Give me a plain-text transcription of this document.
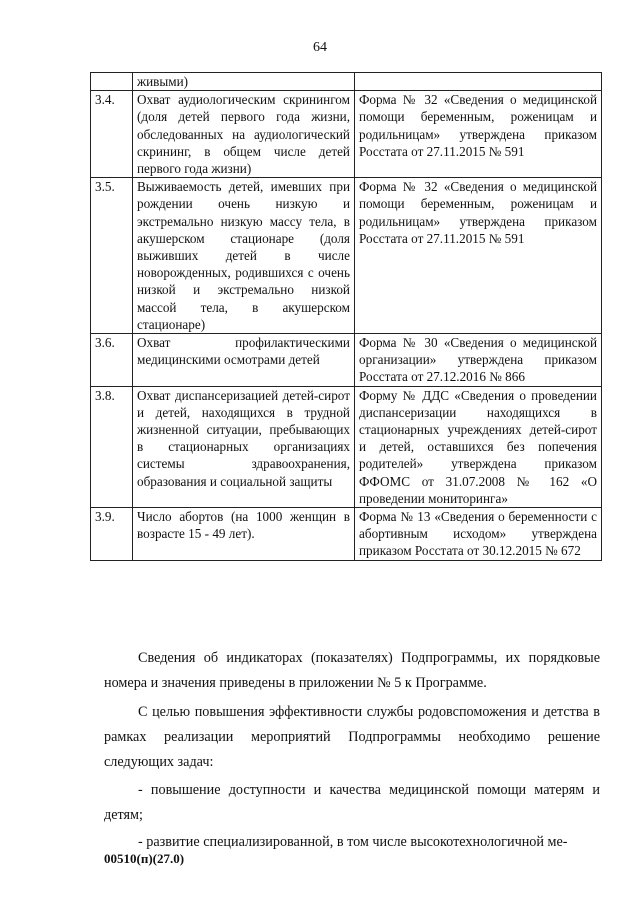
64
	живыми)	
3.4.	Охват аудиологическим скринингом (доля детей первого года жизни, обследованных на аудиологический скрининг, в общем числе детей первого года жизни)	Форма № 32 «Сведения о медицинской помощи беременным, роженицам и родильницам» утверждена приказом Росстата от 27.11.2015 № 591
3.5.	Выживаемость детей, имевших при рождении очень низкую и экстремально низкую массу тела, в акушерском стационаре (доля выживших детей в числе новорожденных, родившихся с очень низкой и экстремально низкой массой тела, в акушерском стационаре)	Форма № 32 «Сведения о медицинской помощи беременным, роженицам и родильницам» утверждена приказом Росстата от 27.11.2015 № 591
3.6.	Охват профилактическими медицинскими осмотрами детей	Форма № 30 «Сведения о медицинской организации» утверждена приказом Росстата от 27.12.2016 № 866
3.8.	Охват диспансеризацией детей-сирот и детей, находящихся в трудной жизненной ситуации, пребывающих в стационарных организациях системы здравоохранения, образования и социальной защиты	Форму № ДДС «Сведения о проведении диспансеризации находящихся в стационарных учреждениях детей-сирот и детей, оставшихся без попечения родителей» утверждена приказом ФФОМС от 31.07.2008 № 162 «О проведении мониторинга»
3.9.	Число абортов (на 1000 женщин в возрасте 15 - 49 лет).	Форма № 13 «Сведения о беременности с абортивным исходом» утверждена приказом Росстата от 30.12.2015 № 672
Сведения об индикаторах (показателях) Подпрограммы, их порядковые номера и значения приведены в приложении № 5 к Программе.
С целью повышения эффективности службы родовспоможения и детства в рамках реализации мероприятий Подпрограммы необходимо решение следующих задач:
- повышение доступности и качества медицинской помощи матерям и детям;
- развитие специализированной, в том числе высокотехнологичной ме-
00510(п)(27.0)
